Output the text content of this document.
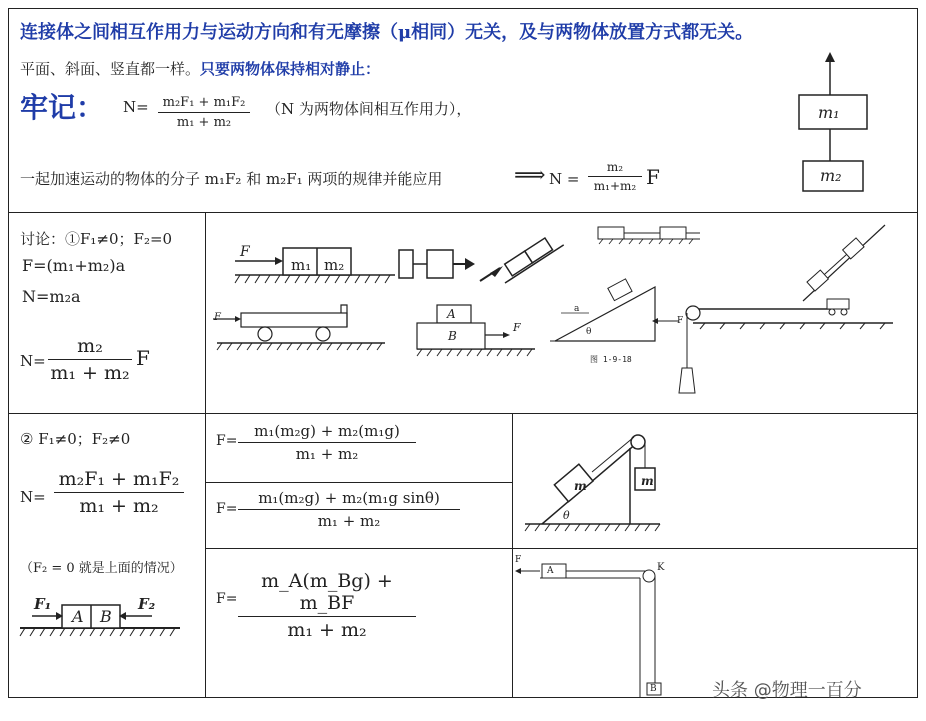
连接体之间相互作用力与运动方向和有无摩擦（μ相同）无关，及与两物体放置方式都无关。
平面、斜面、竖直都一样。只要两物体保持相对静止：
牢记： N=	m₂F₁ + m₁F₂
m₁ + m₂
（N 为两物体间相互作用力），
一起加速运动的物体的分子 m₁F₂ 和 m₂F₁ 两项的规律并能应用	⟹ N =
m₂
m₁+m₂ F
m₁
m₂
讨论：①F₁≠0；F₂=0
F=(m₁+m₂)a
N=m₂a
N=
m₂
m₁ + m₂
F
F
m₁ m₂
F	A
B
F
a
θ
F
图 1-9-18
② F₁≠0；F₂≠0
N=
m₂F₁ + m₁F₂
m₁ + m₂
（F₂ = 0 就是上面的情况）
F₁	F₂
A B
F=
m₁(m₂g) + m₂(m₁g)
m₁ + m₂
F=
m₁(m₂g) + m₂(m₁g sinθ)
m₁ + m₂
F=
m_A(m_Bg) + m_BF
m₁ + m₂
m	m
θ
F
A	K
B	头条 @物理一百分
